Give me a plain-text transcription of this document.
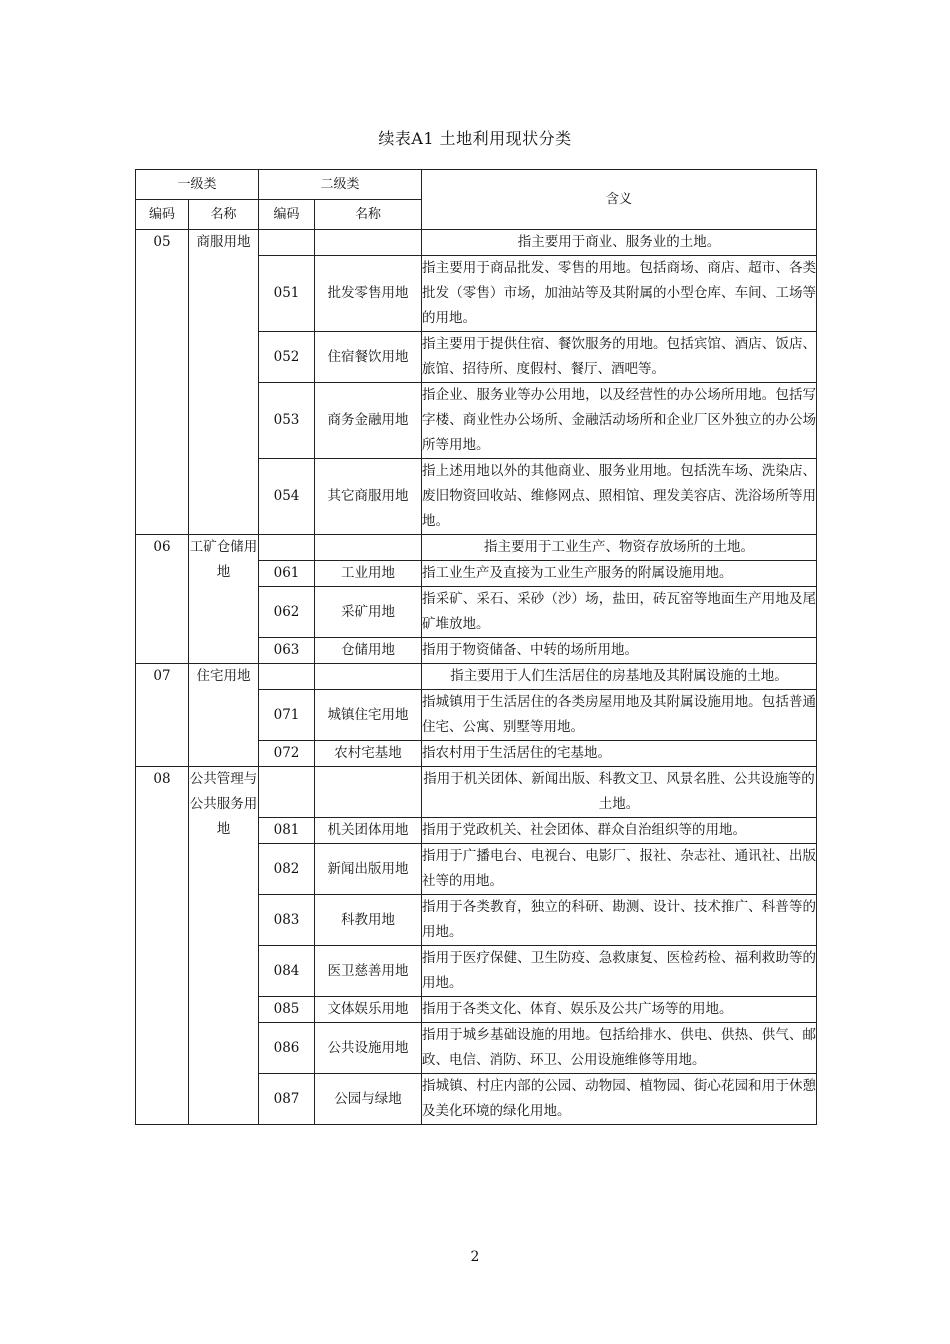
续表A1 土地利用现状分类
一级类		二级类		含义
编码	名称	编码	名称	
05	商服用地			指主要用于商业、服务业的土地。
		051	批发零售用地	指主要用于商品批发、零售的用地。包括商场、商店、超市、各类批发（零售）市场，加油站等及其附属的小型仓库、车间、工场等的用地。
		052	住宿餐饮用地	指主要用于提供住宿、餐饮服务的用地。包括宾馆、酒店、饭店、旅馆、招待所、度假村、餐厅、酒吧等。
		053	商务金融用地	指企业、服务业等办公用地，以及经营性的办公场所用地。包括写字楼、商业性办公场所、金融活动场所和企业厂区外独立的办公场所等用地。
		054	其它商服用地	指上述用地以外的其他商业、服务业用地。包括洗车场、洗染店、废旧物资回收站、维修网点、照相馆、理发美容店、洗浴场所等用地。
06	工矿仓储用地			指主要用于工业生产、物资存放场所的土地。
		061	工业用地	指工业生产及直接为工业生产服务的附属设施用地。
		062	采矿用地	指采矿、采石、采砂（沙）场，盐田，砖瓦窑等地面生产用地及尾矿堆放地。
		063	仓储用地	指用于物资储备、中转的场所用地。
07	住宅用地			指主要用于人们生活居住的房基地及其附属设施的土地。
		071	城镇住宅用地	指城镇用于生活居住的各类房屋用地及其附属设施用地。包括普通住宅、公寓、别墅等用地。
		072	农村宅基地	指农村用于生活居住的宅基地。
08	公共管理与公共服务用地			指用于机关团体、新闻出版、科教文卫、风景名胜、公共设施等的土地。
		081	机关团体用地	指用于党政机关、社会团体、群众自治组织等的用地。
		082	新闻出版用地	指用于广播电台、电视台、电影厂、报社、杂志社、通讯社、出版社等的用地。
		083	科教用地	指用于各类教育，独立的科研、勘测、设计、技术推广、科普等的用地。
		084	医卫慈善用地	指用于医疗保健、卫生防疫、急救康复、医检药检、福利救助等的用地。
		085	文体娱乐用地	指用于各类文化、体育、娱乐及公共广场等的用地。
		086	公共设施用地	指用于城乡基础设施的用地。包括给排水、供电、供热、供气、邮政、电信、消防、环卫、公用设施维修等用地。
		087	公园与绿地	指城镇、村庄内部的公园、动物园、植物园、街心花园和用于休憩及美化环境的绿化用地。
2
